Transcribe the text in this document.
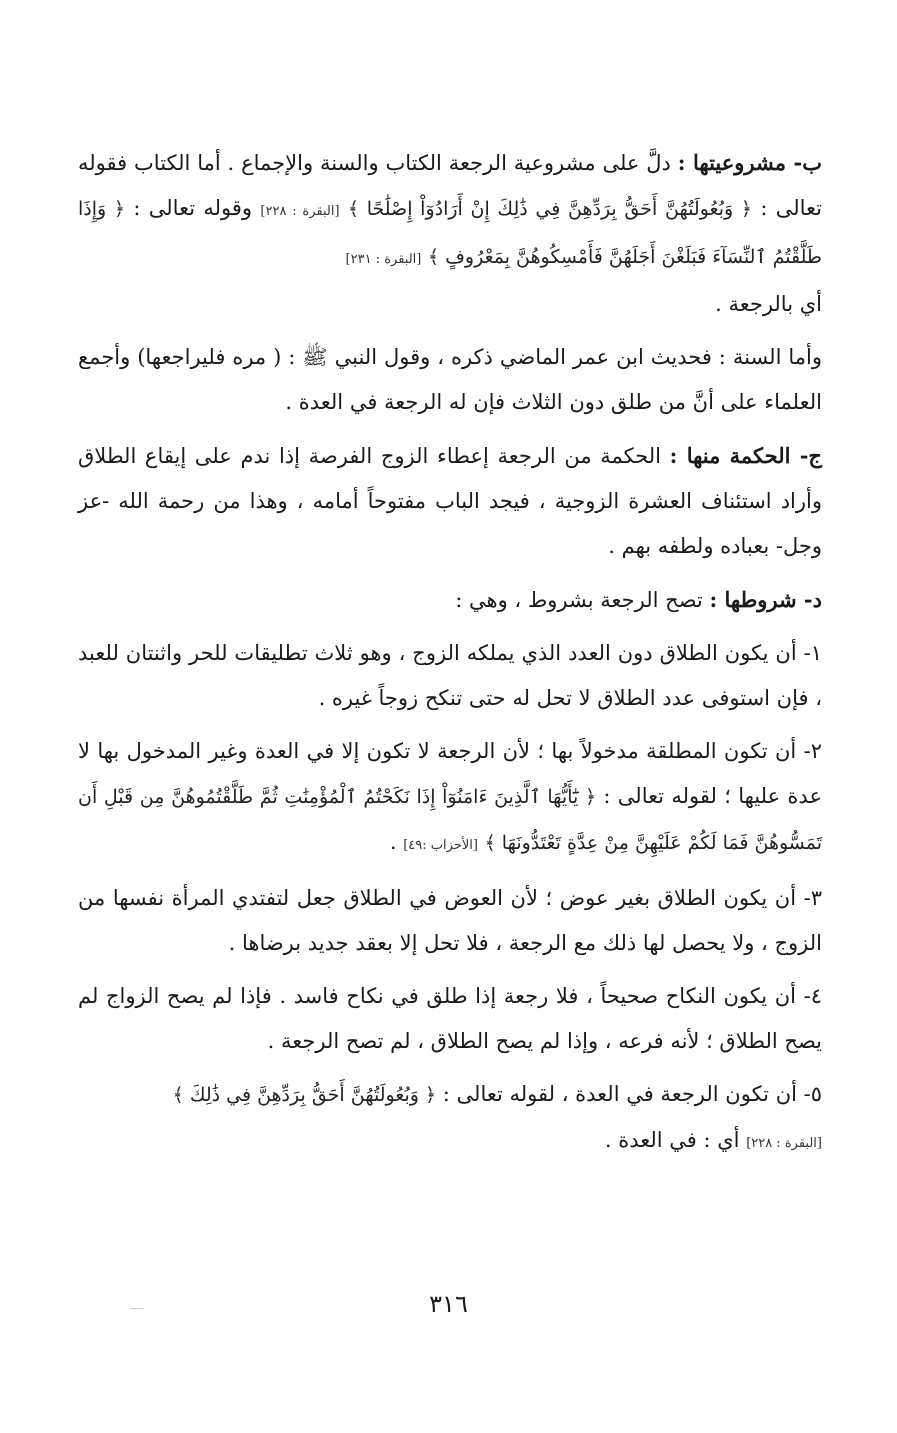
ب- مشروعيتها : دلَّ على مشروعية الرجعة الكتاب والسنة والإجماع . أما الكتاب فقوله تعالى : ﴿ وَبُعُولَتُهُنَّ أَحَقُّ بِرَدِّهِنَّ فِي ذَٰلِكَ إِنْ أَرَادُوٓاْ إِصْلَٰحًا ﴾ [البقرة : ٢٢٨] وقوله تعالى : ﴿ وَإِذَا طَلَّقْتُمُ ٱلنِّسَآءَ فَبَلَغْنَ أَجَلَهُنَّ فَأَمْسِكُوهُنَّ بِمَعْرُوفٍ ﴾ [البقرة : ٢٣١]
أي بالرجعة .
وأما السنة : فحديث ابن عمر الماضي ذكره ، وقول النبي ﷺ : ( مره فليراجعها) وأجمع العلماء على أنَّ من طلق دون الثلاث فإن له الرجعة في العدة .
ج- الحكمة منها : الحكمة من الرجعة إعطاء الزوج الفرصة إذا ندم على إيقاع الطلاق وأراد استئناف العشرة الزوجية ، فيجد الباب مفتوحاً أمامه ، وهذا من رحمة الله -عز وجل- بعباده ولطفه بهم .
د- شروطها : تصح الرجعة بشروط ، وهي :
١- أن يكون الطلاق دون العدد الذي يملكه الزوج ، وهو ثلاث تطليقات للحر واثنتان للعبد ، فإن استوفى عدد الطلاق لا تحل له حتى تنكح زوجاً غيره .
٢- أن تكون المطلقة مدخولاً بها ؛ لأن الرجعة لا تكون إلا في العدة وغير المدخول بها لا عدة عليها ؛ لقوله تعالى : ﴿ يَٰٓأَيُّهَا ٱلَّذِينَ ءَامَنُوٓاْ إِذَا نَكَحْتُمُ ٱلْمُؤْمِنَٰتِ ثُمَّ طَلَّقْتُمُوهُنَّ مِن قَبْلِ أَن تَمَسُّوهُنَّ فَمَا لَكُمْ عَلَيْهِنَّ مِنْ عِدَّةٍ تَعْتَدُّونَهَا ﴾ [الأحزاب :٤٩] .
٣- أن يكون الطلاق بغير عوض ؛ لأن العوض في الطلاق جعل لتفتدي المرأة نفسها من الزوج ، ولا يحصل لها ذلك مع الرجعة ، فلا تحل إلا بعقد جديد برضاها .
٤- أن يكون النكاح صحيحاً ، فلا رجعة إذا طلق في نكاح فاسد . فإذا لم يصح الزواج لم يصح الطلاق ؛ لأنه فرعه ، وإذا لم يصح الطلاق ، لم تصح الرجعة .
٥- أن تكون الرجعة في العدة ، لقوله تعالى : ﴿ وَبُعُولَتُهُنَّ أَحَقُّ بِرَدِّهِنَّ فِي ذَٰلِكَ ﴾
[البقرة : ٢٢٨] أي : في العدة .
٣١٦
